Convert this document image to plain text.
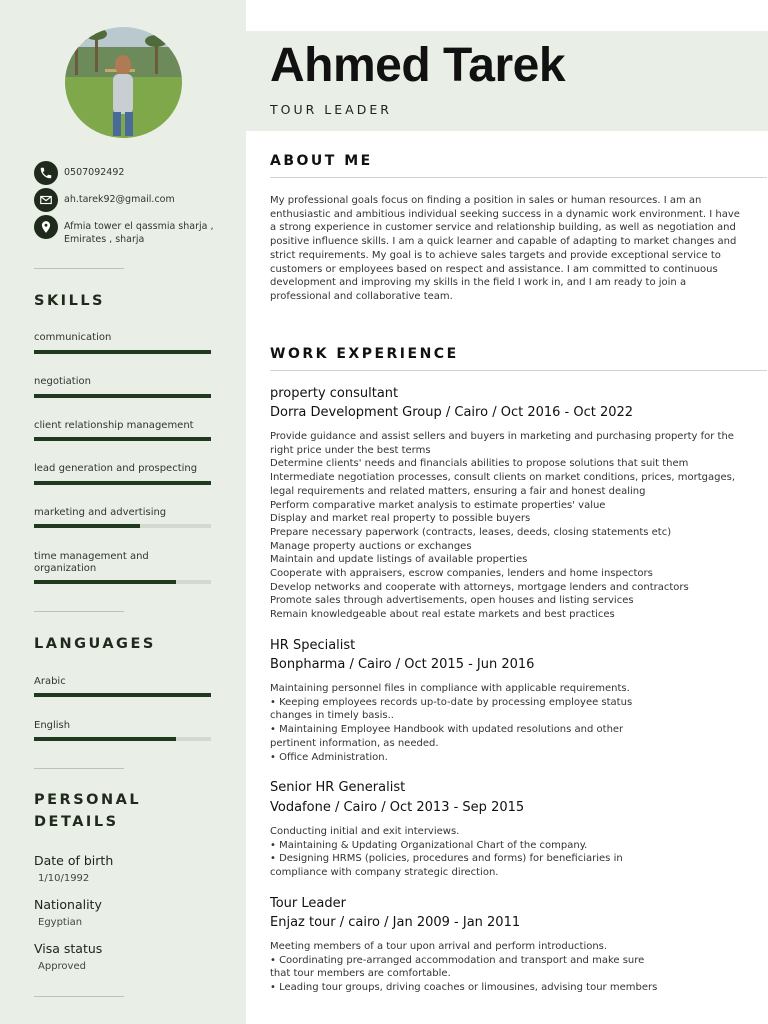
0507092492
ah.tarek92@gmail.com
Afmia tower el qassmia sharja , Emirates , sharja
SKILLS
communication
negotiation
client relationship management
lead generation and prospecting
marketing and advertising
time management and organization
LANGUAGES
Arabic
English
PERSONAL DETAILS
Date of birth
1/10/1992
Nationality
Egyptian
Visa status
Approved
Ahmed Tarek
TOUR LEADER
ABOUT ME
My professional goals focus on finding a position in sales or human resources. I am an enthusiastic and ambitious individual seeking success in a dynamic work environment. I have a strong experience in customer service and relationship building, as well as negotiation and positive influence skills. I am a quick learner and capable of adapting to market changes and strict requirements. My goal is to achieve sales targets and provide exceptional service to customers or employees based on respect and assistance. I am committed to continuous development and improving my skills in the field I work in, and I am ready to join a professional and collaborative team.
WORK EXPERIENCE
property consultant
Dorra Development Group / Cairo / Oct 2016 - Oct 2022
Provide guidance and assist sellers and buyers in marketing and purchasing property for the
right price under the best terms
Determine clients' needs and financials abilities to propose solutions that suit them
Intermediate negotiation processes, consult clients on market conditions, prices, mortgages,
legal requirements and related matters, ensuring a fair and honest dealing
Perform comparative market analysis to estimate properties' value
Display and market real property to possible buyers
Prepare necessary paperwork (contracts, leases, deeds, closing statements etc)
Manage property auctions or exchanges
Maintain and update listings of available properties
Cooperate with appraisers, escrow companies, lenders and home inspectors
Develop networks and cooperate with attorneys, mortgage lenders and contractors
Promote sales through advertisements, open houses and listing services
Remain knowledgeable about real estate markets and best practices
HR Specialist
Bonpharma / Cairo / Oct 2015 - Jun 2016
Maintaining personnel files in compliance with applicable requirements.
• Keeping employees records up-to-date by processing employee status
changes in timely basis..
• Maintaining Employee Handbook with updated resolutions and other
pertinent information, as needed.
• Office Administration.
Senior HR Generalist
Vodafone / Cairo / Oct 2013 - Sep 2015
Conducting initial and exit interviews.
• Maintaining & Updating Organizational Chart of the company.
• Designing HRMS (policies, procedures and forms) for beneficiaries in
compliance with company strategic direction.
Tour Leader
Enjaz tour / cairo / Jan 2009 - Jan 2011
Meeting members of a tour upon arrival and perform introductions.
• Coordinating pre-arranged accommodation and transport and make sure
that tour members are comfortable.
• Leading tour groups, driving coaches or limousines, advising tour members
